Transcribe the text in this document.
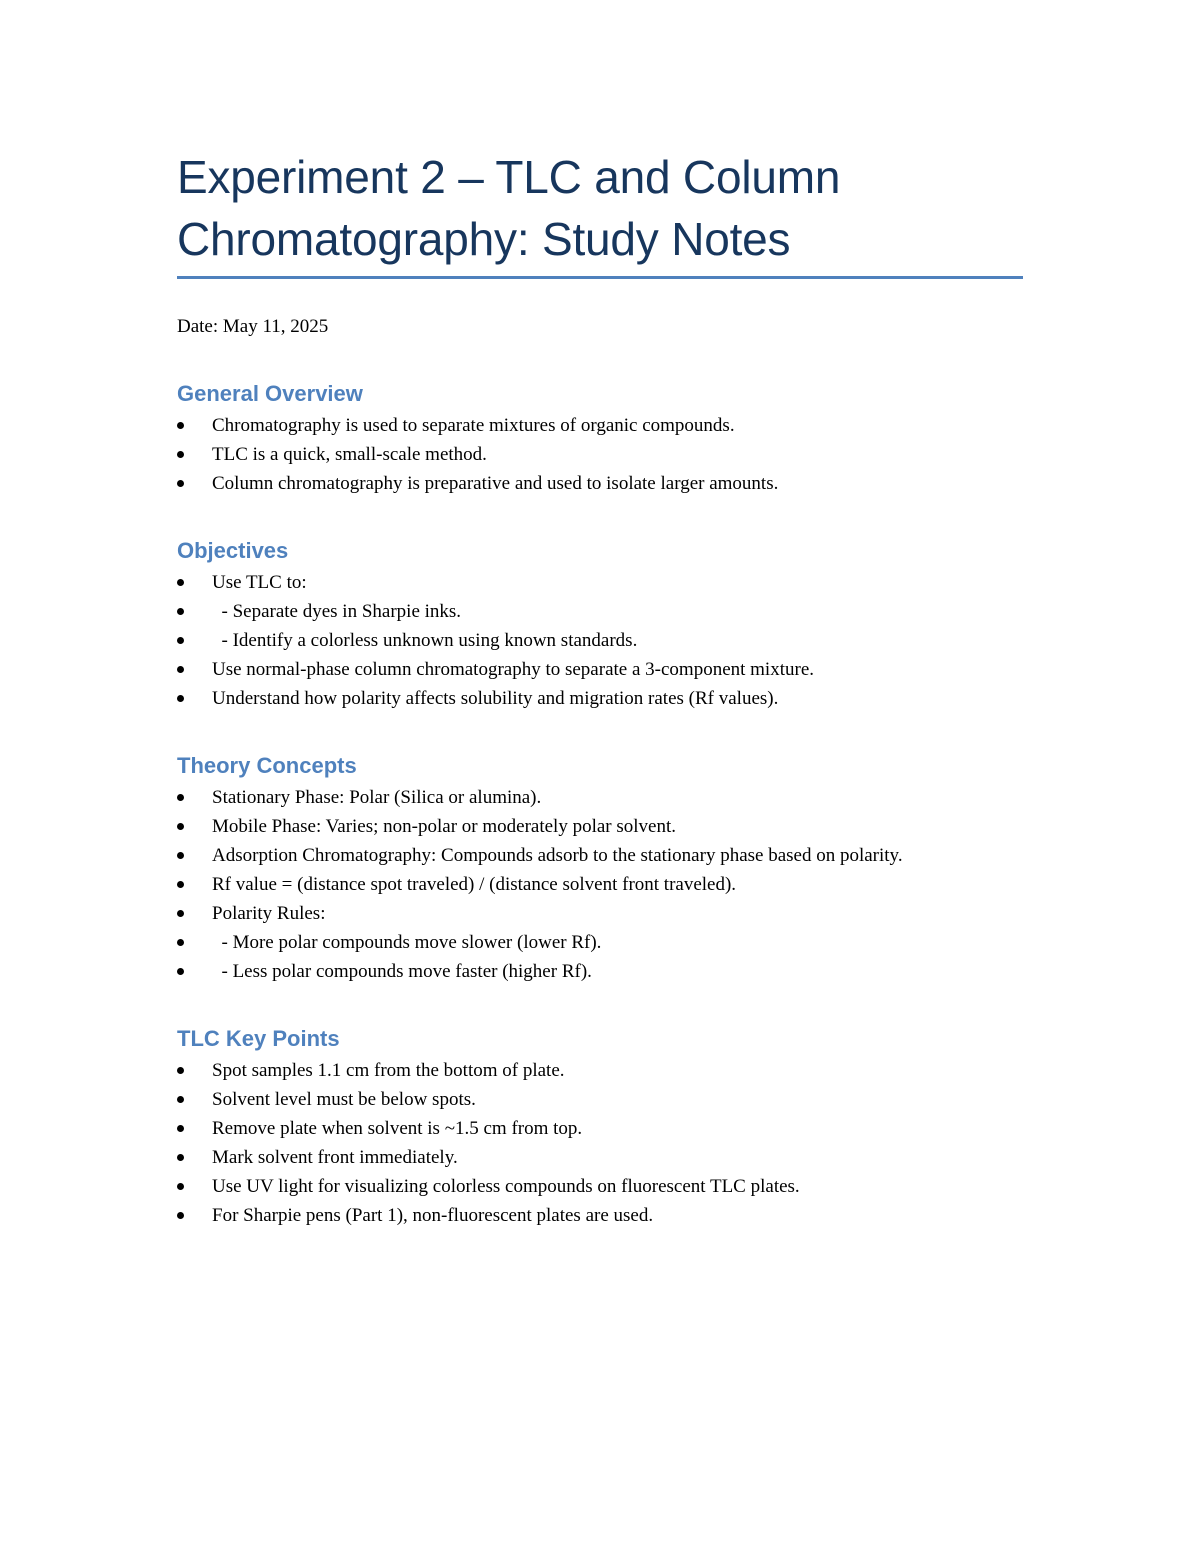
Experiment 2 – TLC and Column
Chromatography: Study Notes
Date: May 11, 2025
General Overview
Chromatography is used to separate mixtures of organic compounds.
TLC is a quick, small-scale method.
Column chromatography is preparative and used to isolate larger amounts.
Objectives
Use TLC to:
- Separate dyes in Sharpie inks.
- Identify a colorless unknown using known standards.
Use normal-phase column chromatography to separate a 3-component mixture.
Understand how polarity affects solubility and migration rates (Rf values).
Theory Concepts
Stationary Phase: Polar (Silica or alumina).
Mobile Phase: Varies; non-polar or moderately polar solvent.
Adsorption Chromatography: Compounds adsorb to the stationary phase based on polarity.
Rf value = (distance spot traveled) / (distance solvent front traveled).
Polarity Rules:
- More polar compounds move slower (lower Rf).
- Less polar compounds move faster (higher Rf).
TLC Key Points
Spot samples 1.1 cm from the bottom of plate.
Solvent level must be below spots.
Remove plate when solvent is ~1.5 cm from top.
Mark solvent front immediately.
Use UV light for visualizing colorless compounds on fluorescent TLC plates.
For Sharpie pens (Part 1), non-fluorescent plates are used.
